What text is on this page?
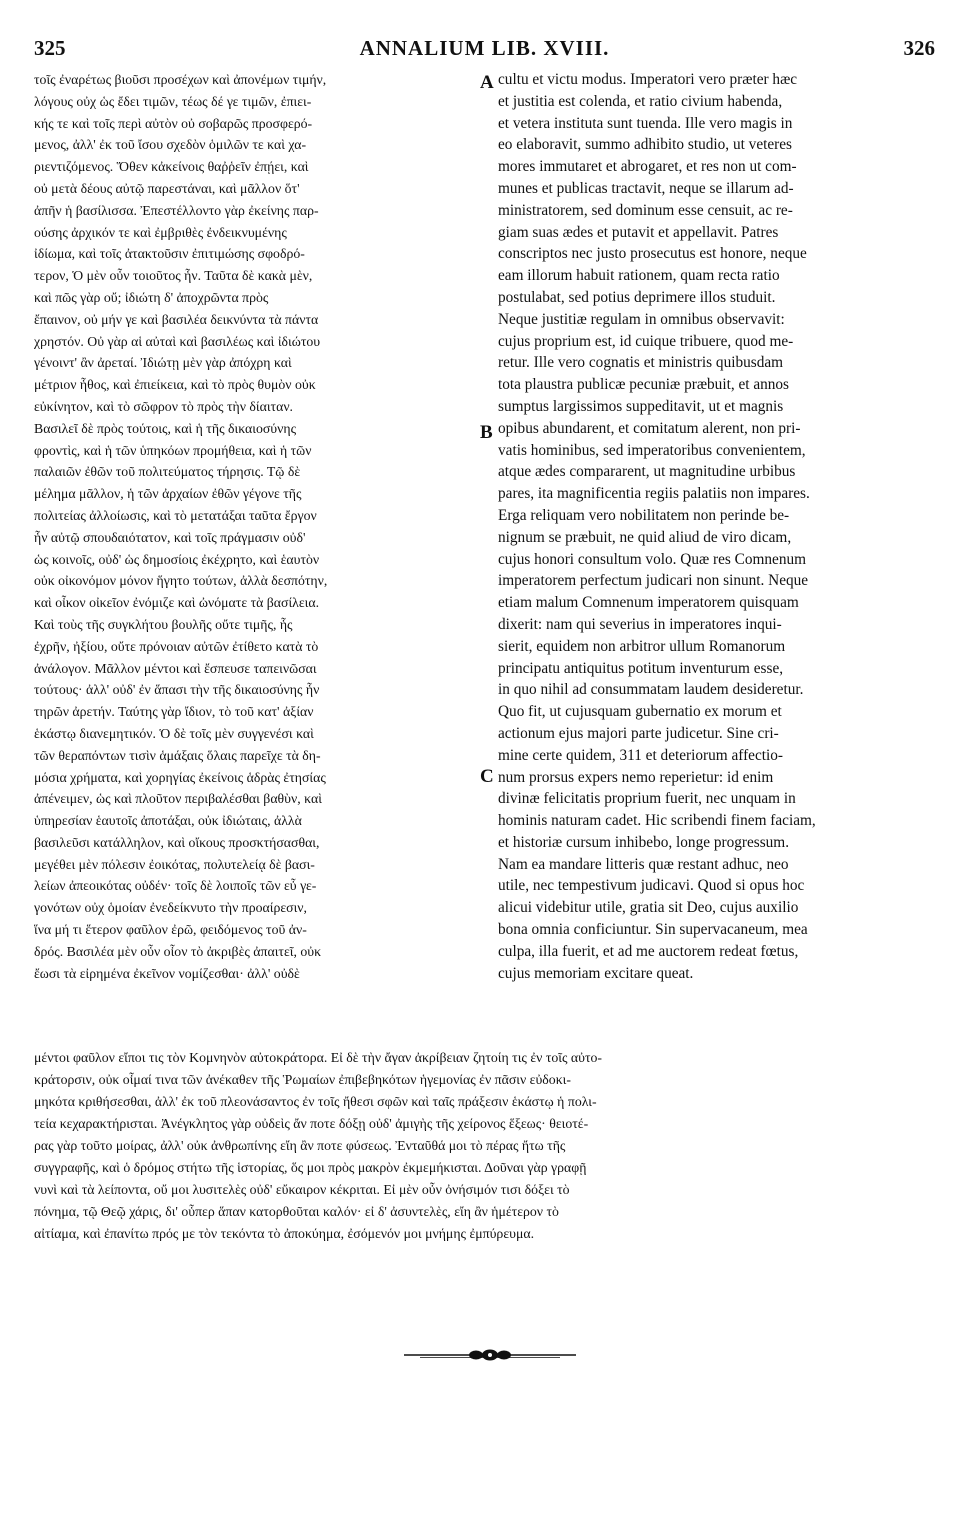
325	ANNALIUM LIB. XVIII.	326
τοῖς ἐναρέτως βιοῦσι προσέχων καὶ ἀπονέμων τιμήν,
λόγους οὐχ ὡς ἔδει τιμῶν, τέως δέ γε τιμῶν, ἐπιει-
κής τε καὶ τοῖς περὶ αὐτὸν οὐ σοβαρῶς προσφερό-
μενος, ἀλλ' ἐκ τοῦ ἴσου σχεδὸν ὁμιλῶν τε καὶ χα-
ριεντιζόμενος. Ὅθεν κἀκείνοις θαῤῥεῖν ἐπῄει, καὶ
οὐ μετὰ δέους αὐτῷ παρεστάναι, καὶ μᾶλλον ὅτ'
ἀπῆν ἡ βασίλισσα. Ἐπεστέλλοντο γὰρ ἐκείνης παρ-
ούσης ἀρχικόν τε καὶ ἐμβριθὲς ἐνδεικνυμένης
ἰδίωμα, καὶ τοῖς ἀτακτοῦσιν ἐπιτιμώσης σφοδρό-
τερον, Ὁ μὲν οὖν τοιοῦτος ἦν. Ταῦτα δὲ κακὰ μὲν,
καὶ πῶς γὰρ οὔ; ἰδιώτη δ' ἀποχρῶντα πρὸς
ἔπαινον, οὐ μήν γε καὶ βασιλέα δεικνύντα τὰ πάντα
χρηστόν. Οὐ γὰρ αἱ αὐταὶ καὶ βασιλέως καὶ ἰδιώτου
γένοιντ' ἂν ἀρεταί. Ἰδιώτῃ μὲν γὰρ ἀπόχρη καὶ
μέτριον ἦθος, καὶ ἐπιείκεια, καὶ τὸ πρὸς θυμὸν οὐκ
εὐκίνητον, καὶ τὸ σῶφρον τὸ πρὸς τὴν δίαιταν.
Βασιλεῖ δὲ πρὸς τούτοις, καὶ ἡ τῆς δικαιοσύνης
φροντὶς, καὶ ἡ τῶν ὑπηκόων προμήθεια, καὶ ἡ τῶν
παλαιῶν ἐθῶν τοῦ πολιτεύματος τήρησις. Τῷ δὲ
μέλημα μᾶλλον, ἡ τῶν ἀρχαίων ἐθῶν γέγονε τῆς
πολιτείας ἀλλοίωσις, καὶ τὸ μετατάξαι ταῦτα ἔργον
ἦν αὐτῷ σπουδαιότατον, καὶ τοῖς πράγμασιν οὐδ'
ὡς κοινοῖς, οὐδ' ὡς δημοσίοις ἐκέχρητο, καὶ ἑαυτὸν
οὐκ οἰκονόμον μόνον ἥγητο τούτων, ἀλλὰ δεσπότην,
καὶ οἶκον οἰκεῖον ἐνόμιζε καὶ ὠνόματε τὰ βασίλεια.
Καὶ τοὺς τῆς συγκλήτου βουλῆς οὔτε τιμῆς, ἧς
ἐχρῆν, ἠξίου, οὔτε πρόνοιαν αὐτῶν ἐτίθετο κατὰ τὸ
ἀνάλογον. Μᾶλλον μέντοι καὶ ἔσπευσε ταπεινῶσαι
τούτους· ἀλλ' οὐδ' ἐν ἅπασι τὴν τῆς δικαιοσύνης ἦν
τηρῶν ἀρετήν. Ταύτης γὰρ ἴδιον, τὸ τοῦ κατ' ἀξίαν
ἑκάστῳ διανεμητικόν. Ὁ δὲ τοῖς μὲν συγγενέσι καὶ
τῶν θεραπόντων τισὶν ἁμάξαις ὅλαις παρεῖχε τὰ δη-
μόσια χρήματα, καὶ χορηγίας ἐκείνοις ἁδρὰς ἐτησίας
ἀπένειμεν, ὡς καὶ πλοῦτον περιβαλέσθαι βαθὺν, καὶ
ὑπηρεσίαν ἑαυτοῖς ἀποτάξαι, οὐκ ἰδιώταις, ἀλλὰ
βασιλεῦσι κατάλληλον, καὶ οἴκους προσκτήσασθαι,
μεγέθει μὲν πόλεσιν ἐοικότας, πολυτελείᾳ δὲ βασι-
λείων ἀπεοικότας οὐδέν· τοῖς δὲ λοιποῖς τῶν εὖ γε-
γονότων οὐχ ὁμοίαν ἐνεδείκνυτο τὴν προαίρεσιν,
ἵνα μή τι ἕτερον φαῦλον ἐρῶ, φειδόμενος τοῦ ἀν-
δρός. Βασιλέα μὲν οὖν οἷον τὸ ἀκριβὲς ἀπαιτεῖ, οὐκ
ἔωσι τὰ εἰρημένα ἐκεῖνον νομίζεσθαι· ἀλλ' οὐδὲ
cultu et victu modus. Imperatori vero præter hæc
et justitia est colenda, et ratio civium habenda,
et vetera instituta sunt tuenda. Ille vero magis in
eo elaboravit, summo adhibito studio, ut veteres
mores immutaret et abrogaret, et res non ut com-
munes et publicas tractavit, neque se illarum ad-
ministratorem, sed dominum esse censuit, ac re-
giam suas ædes et putavit et appellavit. Patres
conscriptos nec justo prosecutus est honore, neque
eam illorum habuit rationem, quam recta ratio
postulabat, sed potius deprimere illos studuit.
Neque justitiæ regulam in omnibus observavit:
cujus proprium est, id cuique tribuere, quod me-
retur. Ille vero cognatis et ministris quibusdam
tota plaustra publicæ pecuniæ præbuit, et annos
sumptus largissimos suppeditavit, ut et magnis
opibus abundarent, et comitatum alerent, non pri-
vatis hominibus, sed imperatoribus convenientem,
atque ædes compararent, ut magnitudine urbibus
pares, ita magnificentia regiis palatiis non impares.
Erga reliquam vero nobilitatem non perinde be-
nignum se præbuit, ne quid aliud de viro dicam,
cujus honori consultum volo. Quæ res Comnenum
imperatorem perfectum judicari non sinunt. Neque
etiam malum Comnenum imperatorem quisquam
dixerit: nam qui severius in imperatores inqui-
sierit, equidem non arbitror ullum Romanorum
principatu antiquitus potitum inventurum esse,
in quo nihil ad consummatam laudem desideretur.
Quo fit, ut cujusquam gubernatio ex morum et
actionum ejus majori parte judicetur. Sine cri-
mine certe quidem, 311 et deteriorum affectio-
num prorsus expers nemo reperietur: id enim
divinæ felicitatis proprium fuerit, nec unquam in
hominis naturam cadet. Hic scribendi finem faciam,
et historiæ cursum inhibebo, longe progressum.
Nam ea mandare litteris quæ restant adhuc, neo
utile, nec tempestivum judicavi. Quod si opus hoc
alicui videbitur utile, gratia sit Deo, cujus auxilio
bona omnia conficiuntur. Sin supervacaneum, mea
culpa, illa fuerit, et ad me auctorem redeat fœtus,
cujus memoriam excitare queat.
A
B
C
μέντοι φαῦλον εἴποι τις τὸν Κομνηνὸν αὐτοκράτορα. Εἰ δὲ τὴν ἄγαν ἀκρίβειαν ζητοίη τις ἐν τοῖς αὐτο-
κράτορσιν, οὐκ οἶμαί τινα τῶν ἀνέκαθεν τῆς Ῥωμαίων ἐπιβεβηκότων ἡγεμονίας ἐν πᾶσιν εὐδοκι-
μηκότα κριθήσεσθαι, ἀλλ' ἐκ τοῦ πλεονάσαντος ἐν τοῖς ἤθεσι σφῶν καὶ ταῖς πράξεσιν ἑκάστῳ ἡ πολι-
τεία κεχαρακτήρισται. Ἀνέγκλητος γὰρ οὐδεὶς ἄν ποτε δόξῃ οὐδ' ἀμιγὴς τῆς χείρονος ἕξεως· θειοτέ-
ρας γὰρ τοῦτο μοίρας, ἀλλ' οὐκ ἀνθρωπίνης εἴη ἂν ποτε φύσεως. Ἐνταῦθά μοι τὸ πέρας ἤτω τῆς
συγγραφῆς, καὶ ὁ δρόμος στήτω τῆς ἱστορίας, ὅς μοι πρὸς μακρὸν ἐκμεμήκισται. Δοῦναι γὰρ γραφῇ
νυνὶ καὶ τὰ λείποντα, οὔ μοι λυσιτελὲς οὐδ' εὔκαιρον κέκριται. Εἰ μὲν οὖν ὀνήσιμόν τισι δόξει τὸ
πόνημα, τῷ Θεῷ χάρις, δι' οὗπερ ἅπαν κατορθοῦται καλόν· εἰ δ' ἀσυντελὲς, εἴη ἂν ἡμέτερον τὸ
αἰτίαμα, καὶ ἐπανίτω πρός με τὸν τεκόντα τὸ ἀποκύημα, ἐσόμενόν μοι μνήμης ἐμπύρευμα.
